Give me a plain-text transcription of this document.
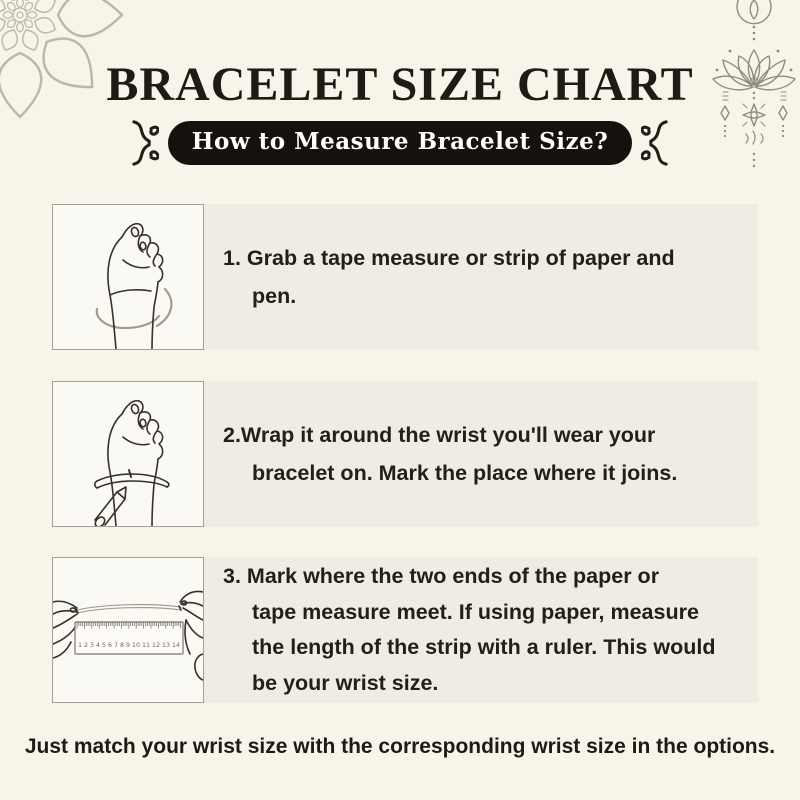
BRACELET SIZE CHART
How to Measure Bracelet Size?
1. Grab a tape measure or strip of paper and
pen.
2.Wrap it around the wrist you'll wear your
bracelet on. Mark the place where it joins.
1 2 3 4 5 6 7 8 9 10 11 12 13 14
3. Mark where the two ends of the paper or
tape measure meet. If using paper, measure
the length of the strip with a ruler. This would
be your wrist size.
Just match your wrist size with the corresponding wrist size in the options.
